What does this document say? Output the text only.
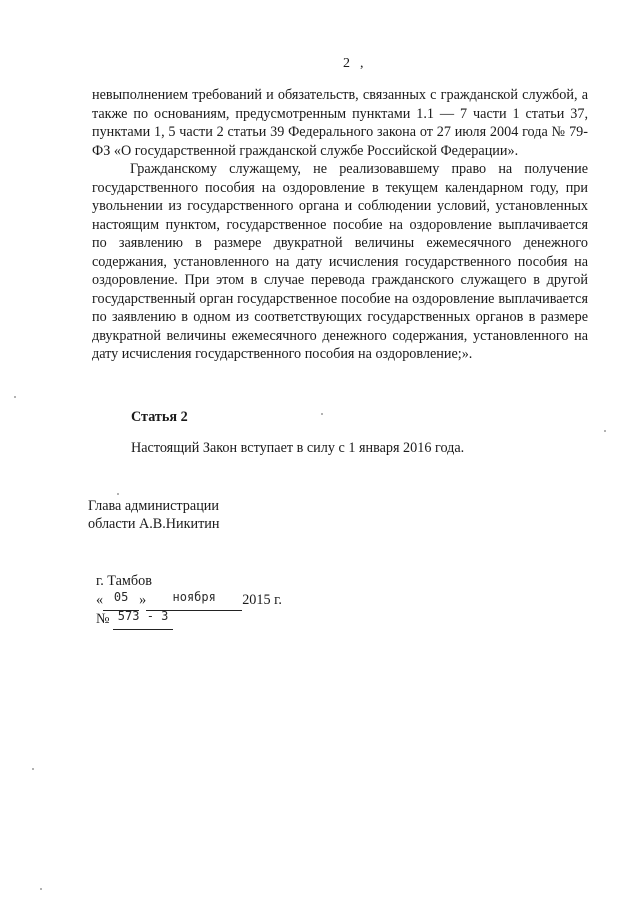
2 ,

невыполнением требований и обязательств, связанных с гражданской службой, а также по основаниям, предусмотренным пунктами 1.1 — 7 части 1 статьи 37, пунктами 1, 5 части 2 статьи 39 Федерального закона от 27 июля 2004 года № 79-ФЗ «О государственной гражданской службе Российской Федерации».

Гражданскому служащему, не реализовавшему право на получение государственного пособия на оздоровление в текущем календарном году, при увольнении из государственного органа и соблюдении условий, установленных настоящим пунктом, государственное пособие на оздоровление выплачивается по заявлению в размере двукратной величины ежемесячного денежного содержания, установленного на дату исчисления государственного пособия на оздоровление. При этом в случае перевода гражданского служащего в другой государственный орган государственное пособие на оздоровление выплачивается по заявлению в одном из соответствующих государственных органов в размере двукратной величины ежемесячного денежного содержания, установленного на дату исчисления государственного пособия на оздоровление;».

Статья 2
Настоящий Закон вступает в силу с 1 января 2016 года.
Глава администрации
области А.В.Никитин
г. Тамбов
« 05 »	ноября	2015 г.
№ 573 - 3
